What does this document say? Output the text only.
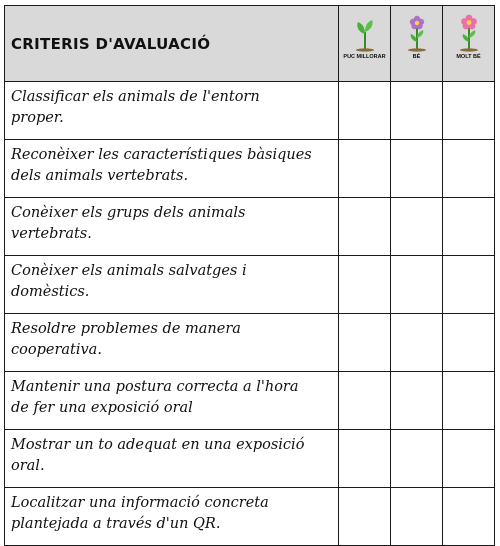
CRITERIS D'AVALUACIÓ	PUC MILLORAR	BÉ	MOLT BÉ

Classificar els animals de l'entorn
proper.			

Reconèixer les característiques bàsiques
dels animals vertebrats.			

Conèixer els grups dels animals
vertebrats.			

Conèixer els animals salvatges i
domèstics.			

Resoldre problemes de manera
cooperativa.			

Mantenir una postura correcta a l'hora
de fer una exposició oral			

Mostrar un to adequat en una exposició
oral.			

Localitzar una informació concreta
plantejada a través d'un QR.			
